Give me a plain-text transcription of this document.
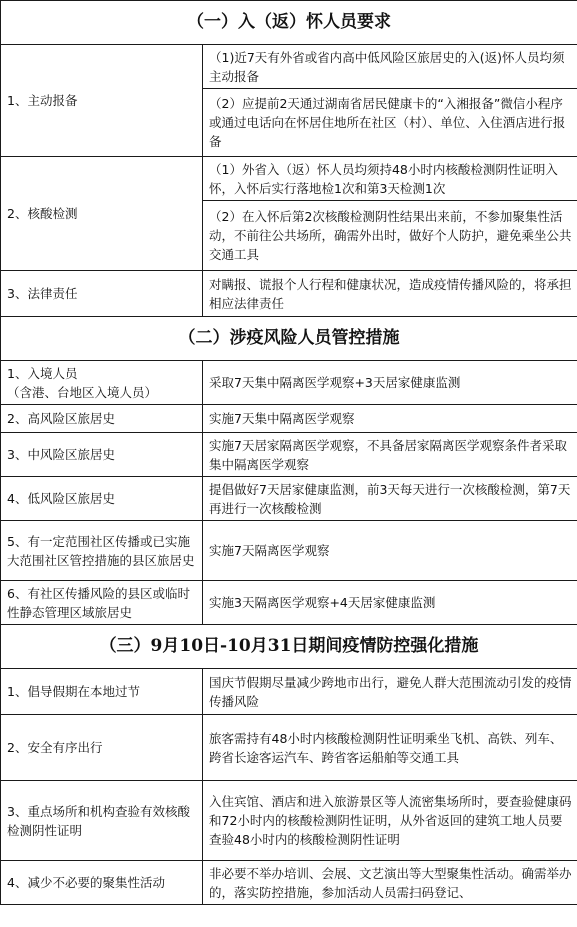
（一）入（返）怀人员要求	
1、主动报备	（1)近7天有外省或省内高中低风险区旅居史的入(返)怀人员均须主动报备
	（2）应提前2天通过湖南省居民健康卡的“入湘报备”微信小程序或通过电话向在怀居住地所在社区（村）、单位、入住酒店进行报备
2、核酸检测	（1）外省入（返）怀人员均须持48小时内核酸检测阴性证明入怀，入怀后实行落地检1次和第3天检测1次
	（2）在入怀后第2次核酸检测阴性结果出来前，不参加聚集性活动，不前往公共场所，确需外出时，做好个人防护，避免乘坐公共交通工具
3、法律责任	对瞒报、谎报个人行程和健康状况，造成疫情传播风险的，将承担相应法律责任
（二）涉疫风险人员管控措施	
1、入境人员
（含港、台地区入境人员）	采取7天集中隔离医学观察+3天居家健康监测
2、高风险区旅居史	实施7天集中隔离医学观察
3、中风险区旅居史	实施7天居家隔离医学观察，不具备居家隔离医学观察条件者采取集中隔离医学观察
4、低风险区旅居史	提倡做好7天居家健康监测，前3天每天进行一次核酸检测，第7天再进行一次核酸检测
5、有一定范围社区传播或已实施大范围社区管控措施的县区旅居史	实施7天隔离医学观察
6、有社区传播风险的县区或临时性静态管理区域旅居史	实施3天隔离医学观察+4天居家健康监测
（三）9月10日-10月31日期间疫情防控强化措施	
1、倡导假期在本地过节	国庆节假期尽量减少跨地市出行，避免人群大范围流动引发的疫情传播风险
2、安全有序出行	旅客需持有48小时内核酸检测阴性证明乘坐飞机、高铁、列车、跨省长途客运汽车、跨省客运船舶等交通工具
3、重点场所和机构查验有效核酸检测阴性证明	入住宾馆、酒店和进入旅游景区等人流密集场所时，要查验健康码和72小时内的核酸检测阴性证明，从外省返回的建筑工地人员要查验48小时内的核酸检测阴性证明
4、减少不必要的聚集性活动	非必要不举办培训、会展、文艺演出等大型聚集性活动。确需举办的，落实防控措施，参加活动人员需扫码登记、
